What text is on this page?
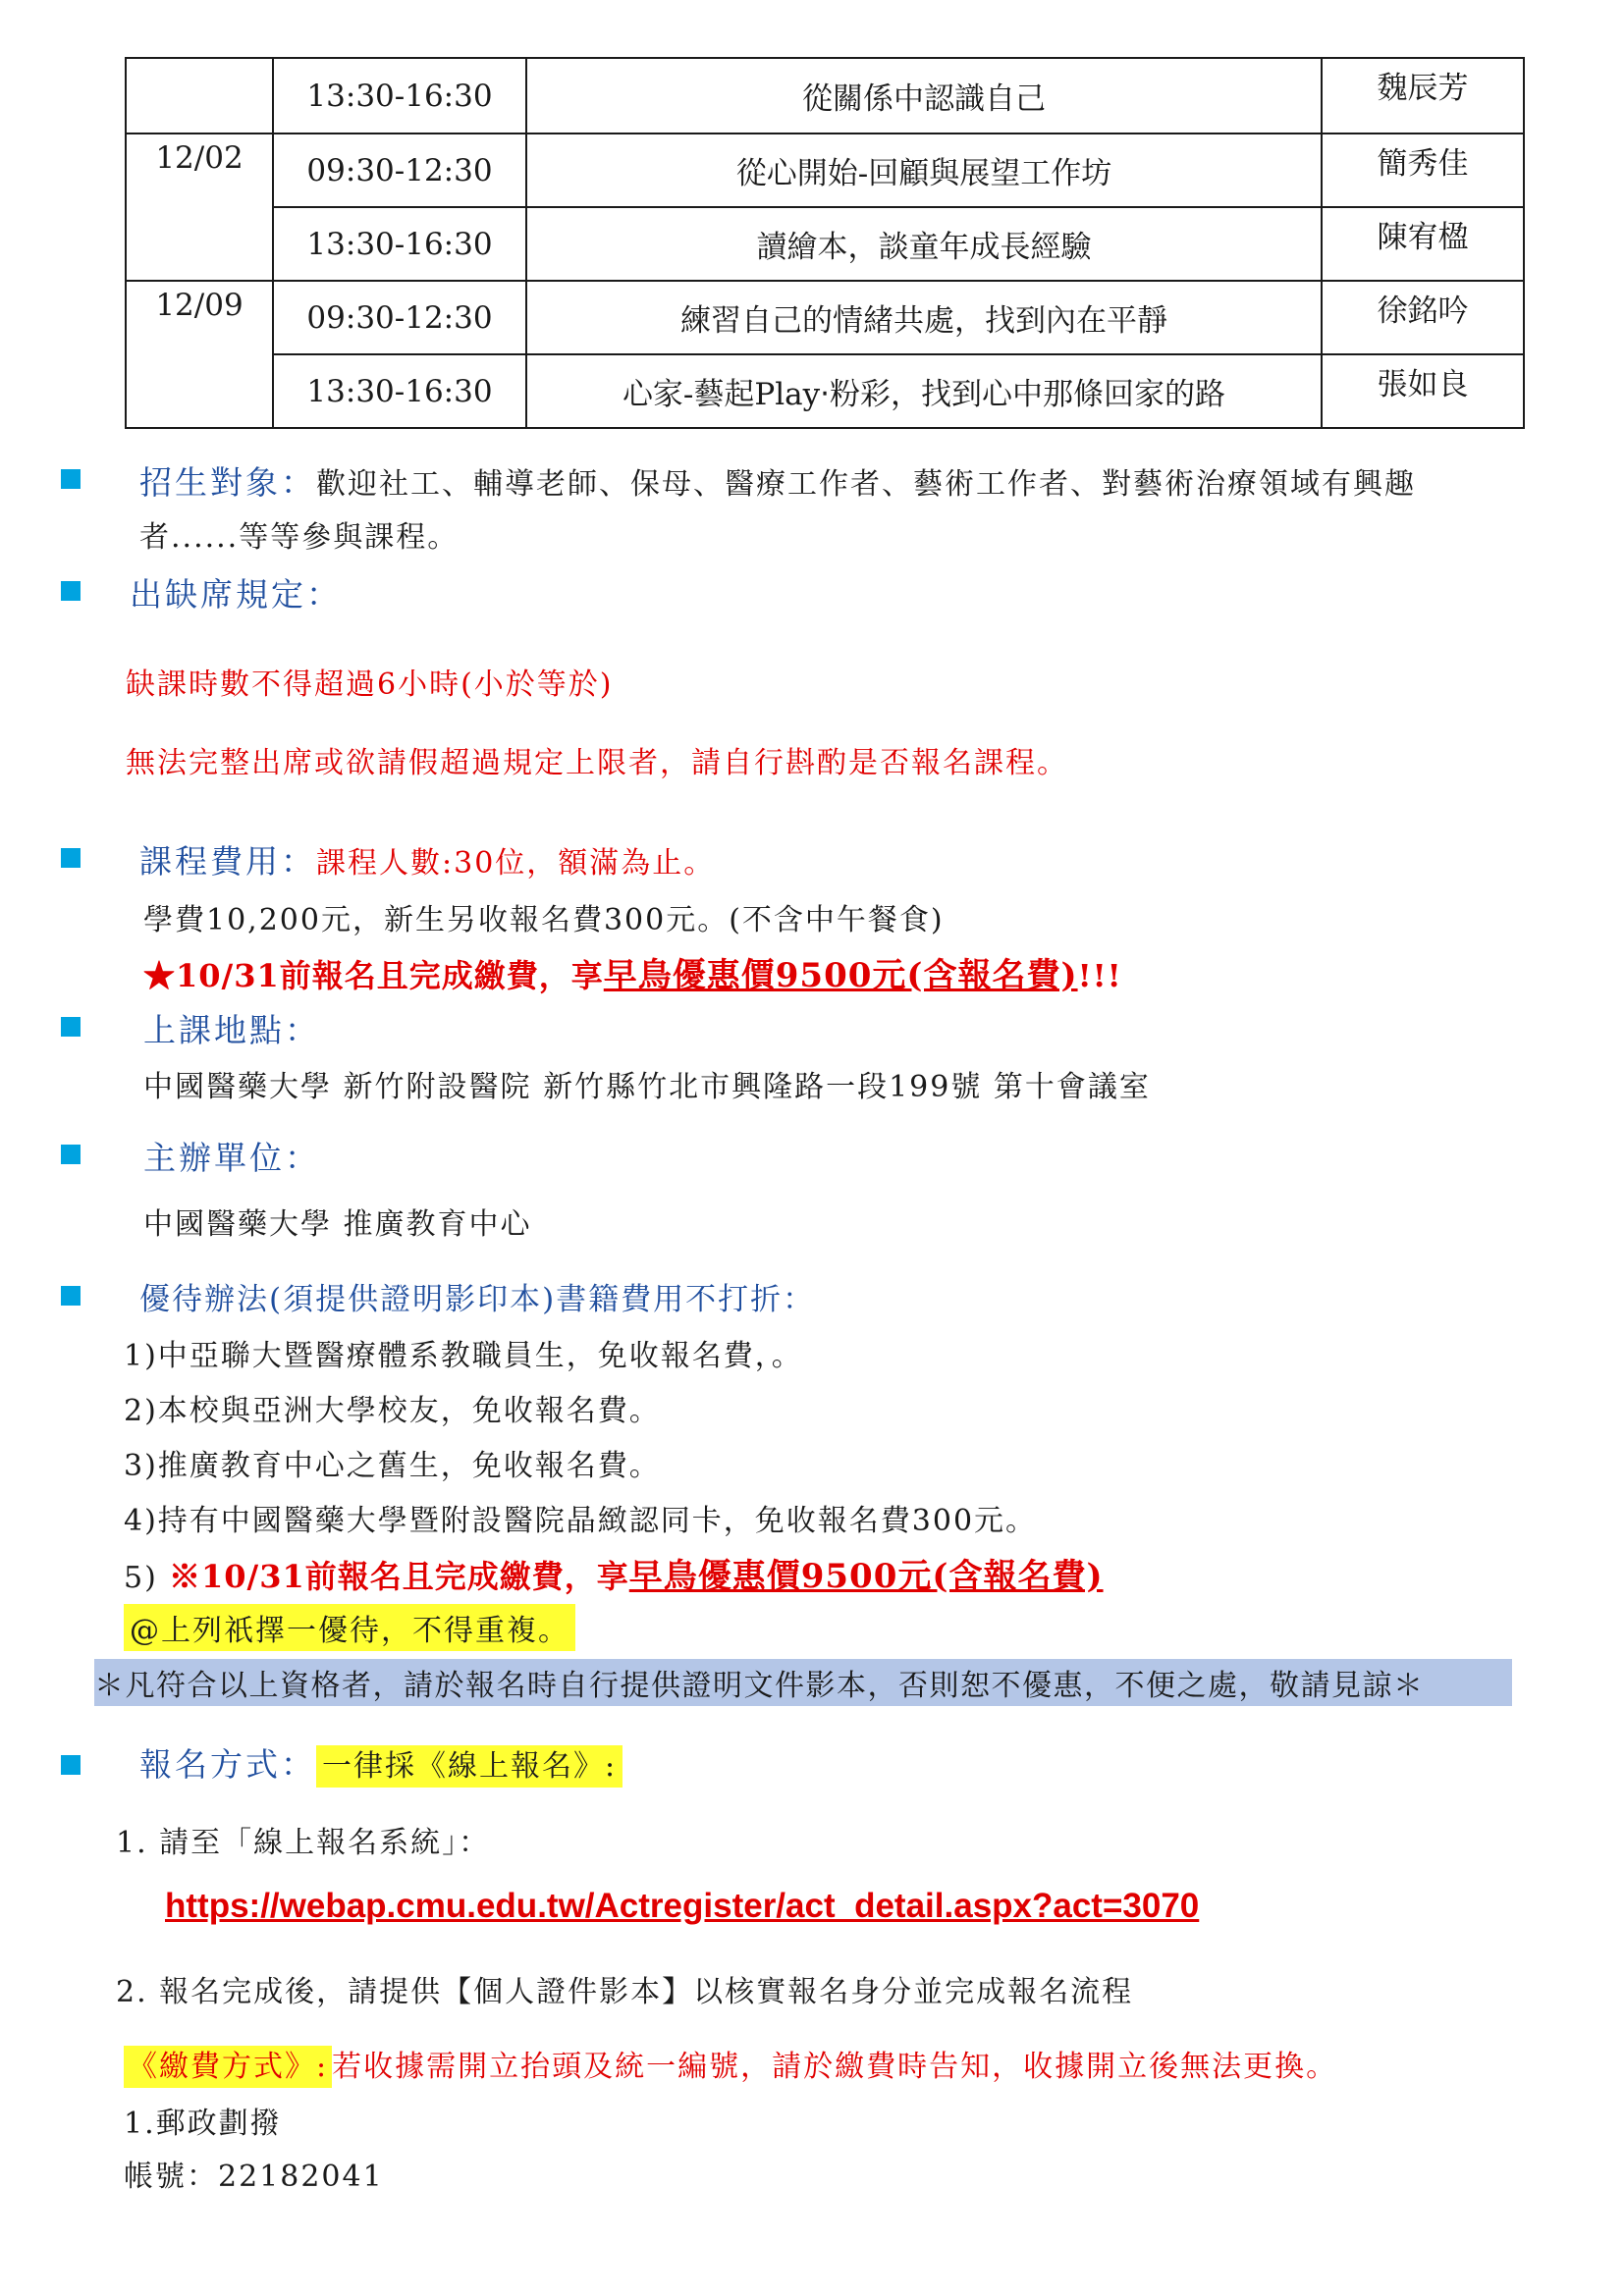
	13:30-16:30	從關係中認識自己	魏辰芳
12/02	09:30-12:30	從心開始-回顧與展望工作坊	簡秀佳
	13:30-16:30	讀繪本，談童年成長經驗	陳宥楹
12/09	09:30-12:30	練習自己的情緒共處，找到內在平靜	徐銘吟
	13:30-16:30	心家-藝起Play‧粉彩，找到心中那條回家的路	張如良
招生對象：歡迎社工、輔導老師、保母、醫療工作者、藝術工作者、對藝術治療領域有興趣
者......等等參與課程。
出缺席規定：
缺課時數不得超過6小時(小於等於)
無法完整出席或欲請假超過規定上限者，請自行斟酌是否報名課程。
課程費用：課程人數:30位，額滿為止。
學費10,200元，新生另收報名費300元。(不含中午餐食)
★10/31前報名且完成繳費，享早鳥優惠價9500元(含報名費)!!!
上課地點：
中國醫藥大學 新竹附設醫院 新竹縣竹北市興隆路一段199號 第十會議室
主辦單位：
中國醫藥大學 推廣教育中心
優待辦法(須提供證明影印本)書籍費用不打折：
1)中亞聯大暨醫療體系教職員生，免收報名費，。
2)本校與亞洲大學校友，免收報名費。
3)推廣教育中心之舊生，免收報名費。
4)持有中國醫藥大學暨附設醫院晶緻認同卡，免收報名費300元。
5) ※10/31前報名且完成繳費，享早鳥優惠價9500元(含報名費)
@上列祇擇一優待，不得重複。
＊凡符合以上資格者，請於報名時自行提供證明文件影本，否則恕不優惠，不便之處，敬請見諒＊
報名方式： 一律採《線上報名》:
1. 請至「線上報名系統」：
https://webap.cmu.edu.tw/Actregister/act_detail.aspx?act=3070
2. 報名完成後，請提供【個人證件影本】以核實報名身分並完成報名流程
《繳費方式》: 若收據需開立抬頭及統一編號，請於繳費時告知，收據開立後無法更換。
1.郵政劃撥
帳號：22182041
